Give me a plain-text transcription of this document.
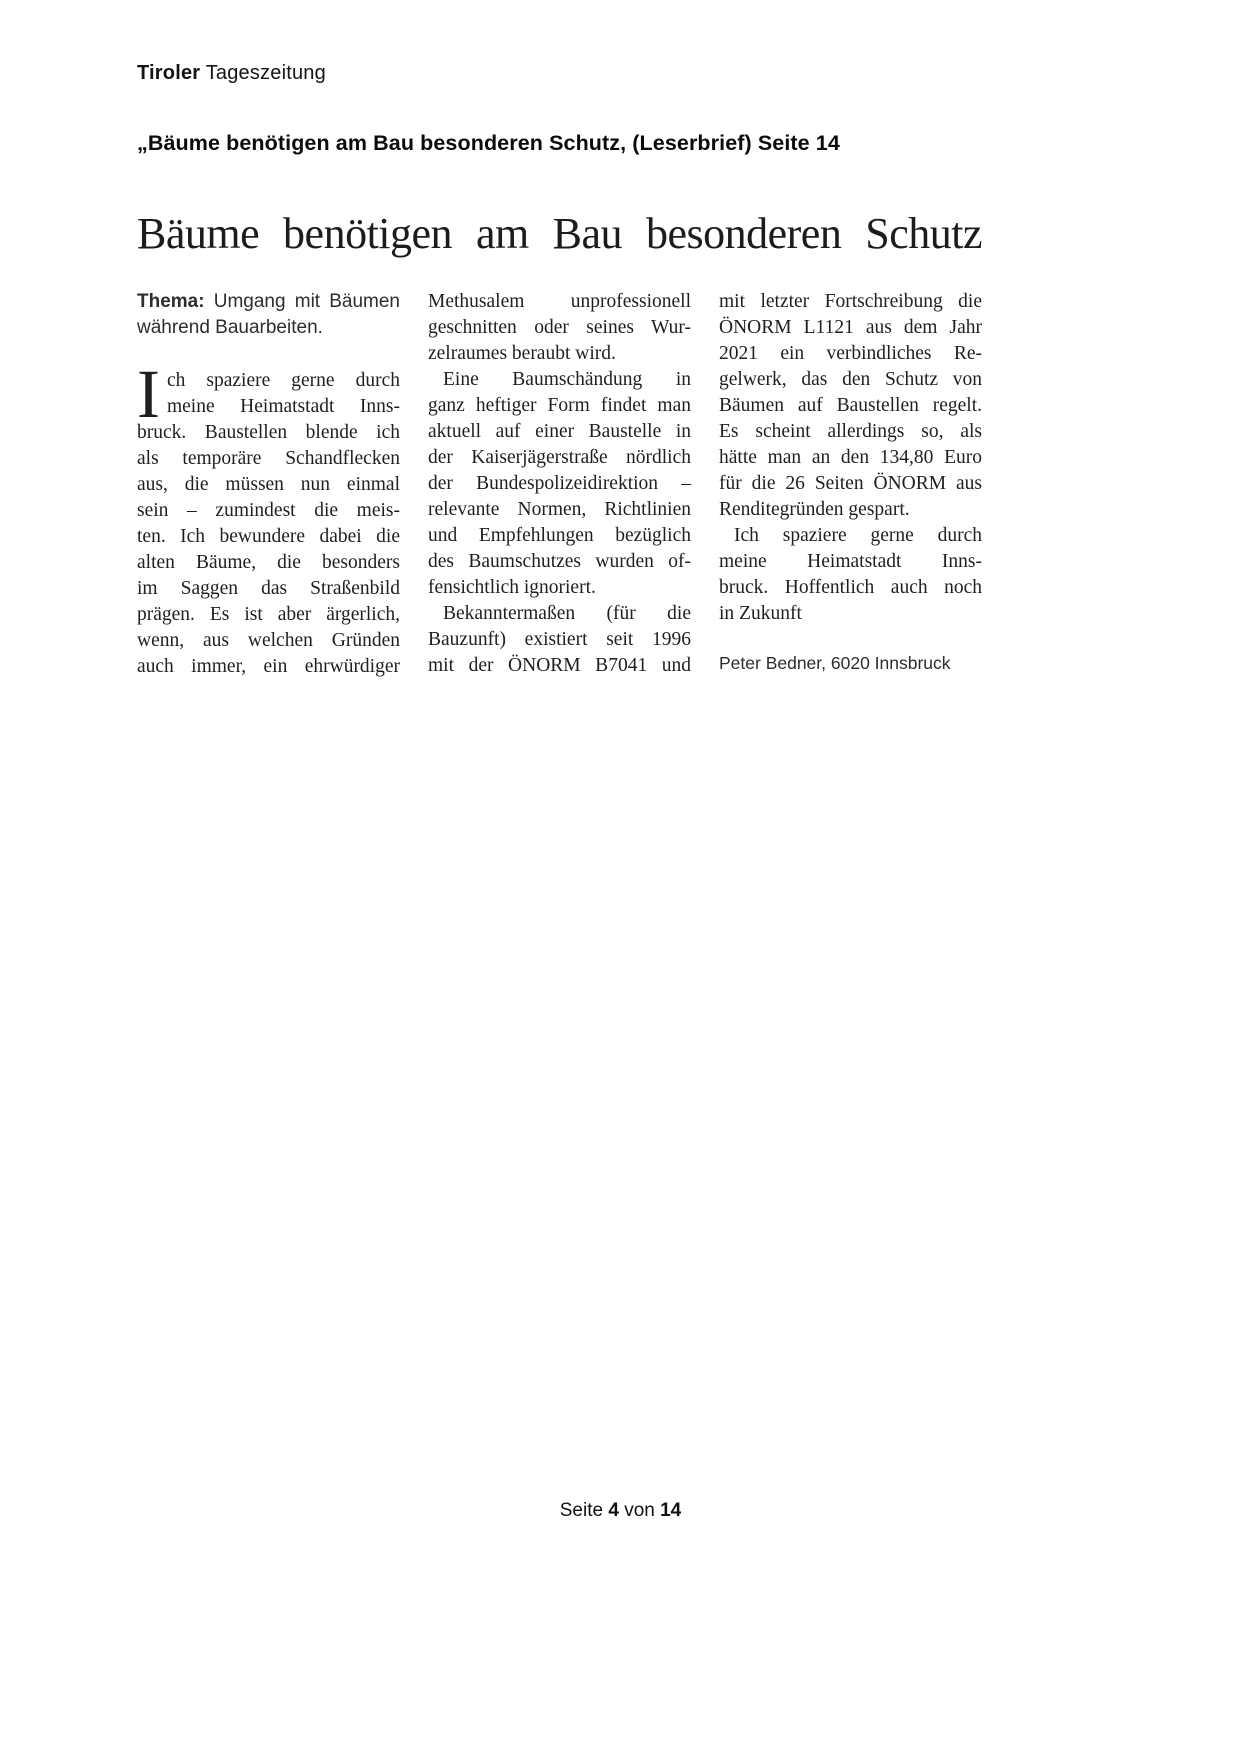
Tiroler Tageszeitung
„Bäume benötigen am Bau besonderen Schutz, (Leserbrief) Seite 14
Bäume benötigen am Bau besonderen Schutz
Thema: Umgang mit Bäumen
während Bauarbeiten.
I ch spaziere gerne durch
meine Heimatstadt Inns-
bruck. Baustellen blende ich
als temporäre Schandflecken
aus, die müssen nun einmal
sein – zumindest die meis-
ten. Ich bewundere dabei die
alten Bäume, die besonders
im Saggen das Straßenbild
prägen. Es ist aber ärgerlich,
wenn, aus welchen Gründen
auch immer, ein ehrwürdiger
Methusalem unprofessionell
geschnitten oder seines Wur-
zelraumes beraubt wird.
Eine Baumschändung in
ganz heftiger Form findet man
aktuell auf einer Baustelle in
der Kaiserjägerstraße nördlich
der Bundespolizeidirektion –
relevante Normen, Richtlinien
und Empfehlungen bezüglich
des Baumschutzes wurden of-
fensichtlich ignoriert.
Bekanntermaßen (für die
Bauzunft) existiert seit 1996
mit der ÖNORM B7041 und
mit letzter Fortschreibung die
ÖNORM L1121 aus dem Jahr
2021 ein verbindliches Re-
gelwerk, das den Schutz von
Bäumen auf Baustellen regelt.
Es scheint allerdings so, als
hätte man an den 134,80 Euro
für die 26 Seiten ÖNORM aus
Renditegründen gespart.
Ich spaziere gerne durch
meine Heimatstadt Inns-
bruck. Hoffentlich auch noch
in Zukunft
Peter Bedner, 6020 Innsbruck
Seite 4 von 14
